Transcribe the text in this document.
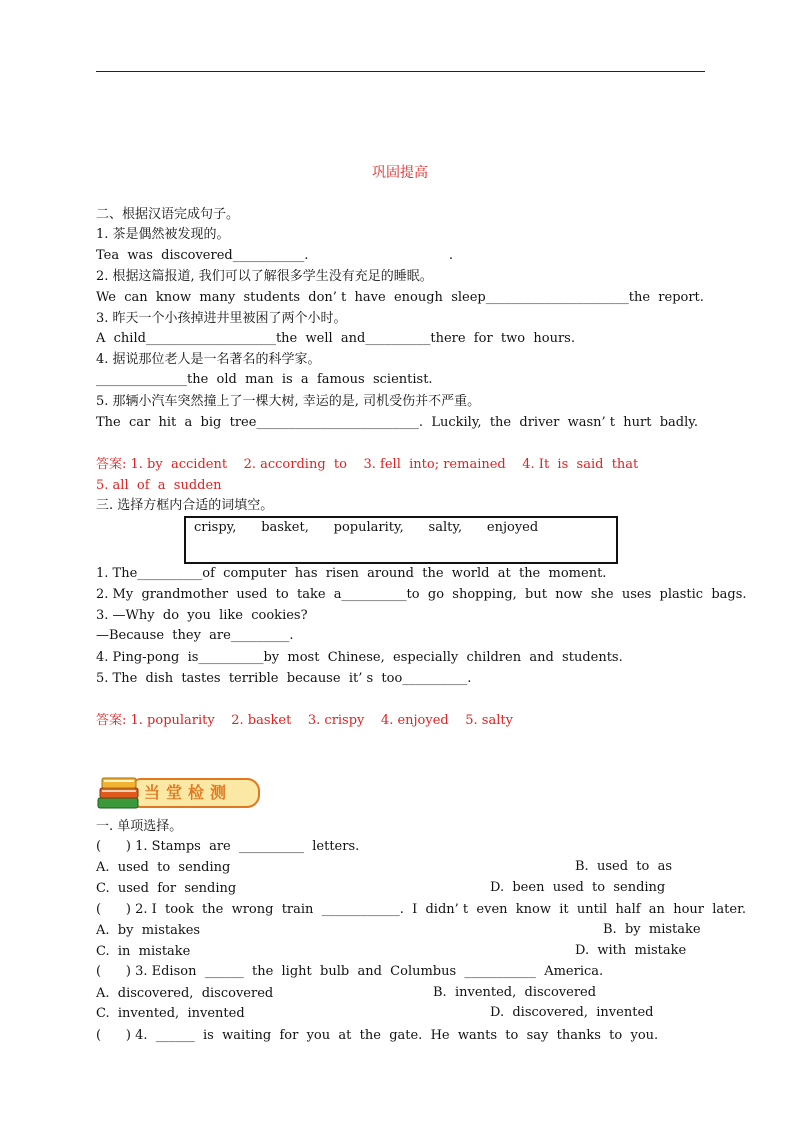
巩固提高
二、根据汉语完成句子。
1. 茶是偶然被发现的。
Tea  was  discovered___________.                                  .
2. 根据这篇报道, 我们可以了解很多学生没有充足的睡眠。
We  can  know  many  students  don’ t  have  enough  sleep______________________the  report.
3. 昨天一个小孩掉进井里被困了两个小时。
A  child____________________the  well  and__________there  for  two  hours.
4. 据说那位老人是一名著名的科学家。
______________the  old  man  is  a  famous  scientist.
5. 那辆小汽车突然撞上了一棵大树, 幸运的是, 司机受伤并不严重。
The  car  hit  a  big  tree_________________________.  Luckily,  the  driver  wasn’ t  hurt  badly.
答案: 1. by  accident    2. according  to    3. fell  into; remained    4. It  is  said  that
5. all  of  a  sudden
三. 选择方框内合适的词填空。
crispy,      basket,      popularity,      salty,      enjoyed
1. The__________of  computer  has  risen  around  the  world  at  the  moment.
2. My  grandmother  used  to  take  a__________to  go  shopping,  but  now  she  uses  plastic  bags.
3. —Why  do  you  like  cookies?
—Because  they  are_________.
4. Ping-pong  is__________by  most  Chinese,  especially  children  and  students.
5. The  dish  tastes  terrible  because  it’ s  too__________.
答案: 1. popularity    2. basket    3. crispy    4. enjoyed    5. salty
当堂检测
一. 单项选择。
(      ) 1. Stamps  are  __________  letters.
A.  used  to  sending	B.  used  to  as
C.  used  for  sending	D.  been  used  to  sending
(      ) 2. I  took  the  wrong  train  ____________.  I  didn’ t  even  know  it  until  half  an  hour  later.
A.  by  mistakes	B.  by  mistake
C.  in  mistake	D.  with  mistake
(      ) 3. Edison  ______  the  light  bulb  and  Columbus  ___________  America.
A.  discovered,  discovered	B.  invented,  discovered
C.  invented,  invented	D.  discovered,  invented
(      ) 4.  ______  is  waiting  for  you  at  the  gate.  He  wants  to  say  thanks  to  you.
